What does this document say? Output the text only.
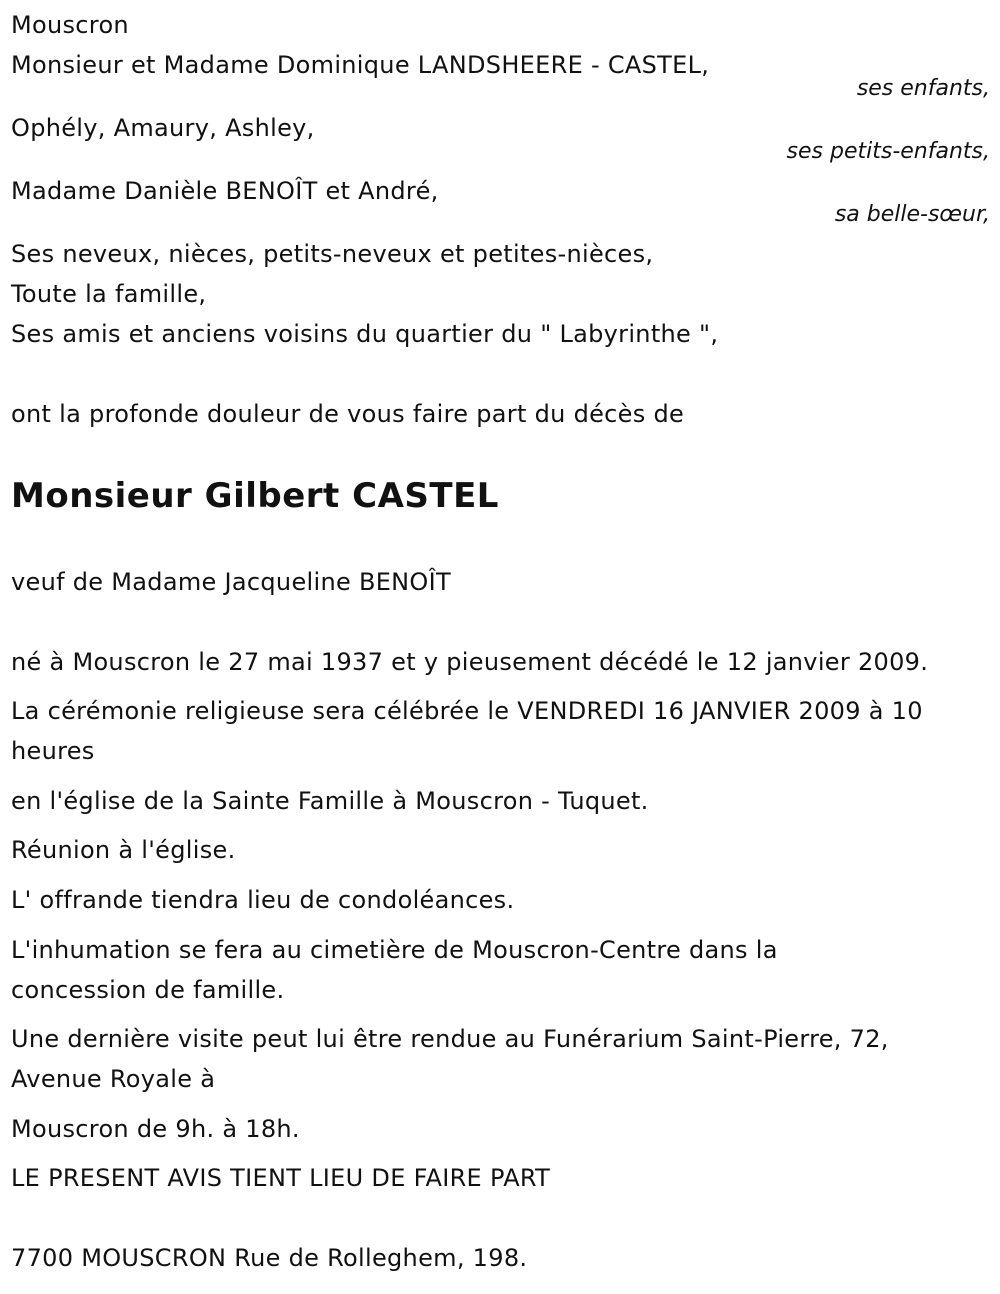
Mouscron
Monsieur et Madame Dominique LANDSHEERE - CASTEL,
ses enfants,
Ophély, Amaury, Ashley,
ses petits-enfants,
Madame Danièle BENOÎT et André,
sa belle-sœur,
Ses neveux, nièces, petits-neveux et petites-nièces,
Toute la famille,
Ses amis et anciens voisins du quartier du " Labyrinthe ",
ont la profonde douleur de vous faire part du décès de
Monsieur Gilbert CASTEL
veuf de Madame Jacqueline BENOÎT
né à Mouscron le 27 mai 1937 et y pieusement décédé le 12 janvier 2009.
La cérémonie religieuse sera célébrée le VENDREDI 16 JANVIER 2009 à 10
heures
en l'église de la Sainte Famille à Mouscron - Tuquet.
Réunion à l'église.
L' offrande tiendra lieu de condoléances.
L'inhumation se fera au cimetière de Mouscron-Centre dans la
concession de famille.
Une dernière visite peut lui être rendue au Funérarium Saint-Pierre, 72,
Avenue Royale à
Mouscron de 9h. à 18h.
LE PRESENT AVIS TIENT LIEU DE FAIRE PART
7700 MOUSCRON Rue de Rolleghem, 198.
